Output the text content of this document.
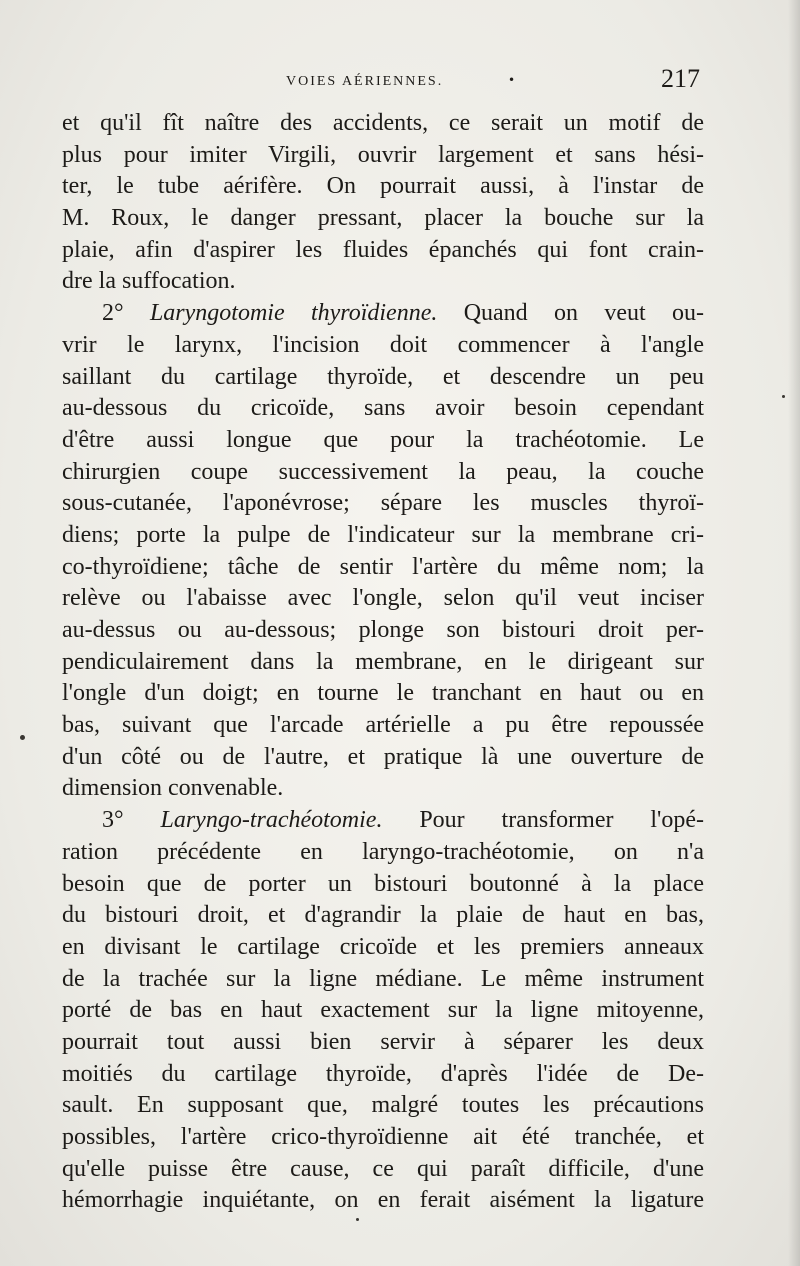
VOIES AÉRIENNES.	•	217
et qu'il fît naître des accidents, ce serait un motif de
plus pour imiter Virgili, ouvrir largement et sans hési-
ter, le tube aérifère. On pourrait aussi, à l'instar de
M. Roux, le danger pressant, placer la bouche sur la
plaie, afin d'aspirer les fluides épanchés qui font crain-
dre la suffocation.
2° Laryngotomie thyroïdienne. Quand on veut ou-
vrir le larynx, l'incision doit commencer à l'angle
saillant du cartilage thyroïde, et descendre un peu
au-dessous du cricoïde, sans avoir besoin cependant
d'être aussi longue que pour la trachéotomie. Le
chirurgien coupe successivement la peau, la couche
sous-cutanée, l'aponévrose; sépare les muscles thyroï-
diens; porte la pulpe de l'indicateur sur la membrane cri-
co-thyroïdiene; tâche de sentir l'artère du même nom; la
relève ou l'abaisse avec l'ongle, selon qu'il veut inciser
au-dessus ou au-dessous; plonge son bistouri droit per-
pendiculairement dans la membrane, en le dirigeant sur
l'ongle d'un doigt; en tourne le tranchant en haut ou en
bas, suivant que l'arcade artérielle a pu être repoussée
d'un côté ou de l'autre, et pratique là une ouverture de
dimension convenable.
3° Laryngo-trachéotomie. Pour transformer l'opé-
ration précédente en laryngo-trachéotomie, on n'a
besoin que de porter un bistouri boutonné à la place
du bistouri droit, et d'agrandir la plaie de haut en bas,
en divisant le cartilage cricoïde et les premiers anneaux
de la trachée sur la ligne médiane. Le même instrument
porté de bas en haut exactement sur la ligne mitoyenne,
pourrait tout aussi bien servir à séparer les deux
moitiés du cartilage thyroïde, d'après l'idée de De-
sault. En supposant que, malgré toutes les précautions
possibles, l'artère crico-thyroïdienne ait été tranchée, et
qu'elle puisse être cause, ce qui paraît difficile, d'une
hémorrhagie inquiétante, on en ferait aisément la ligature
